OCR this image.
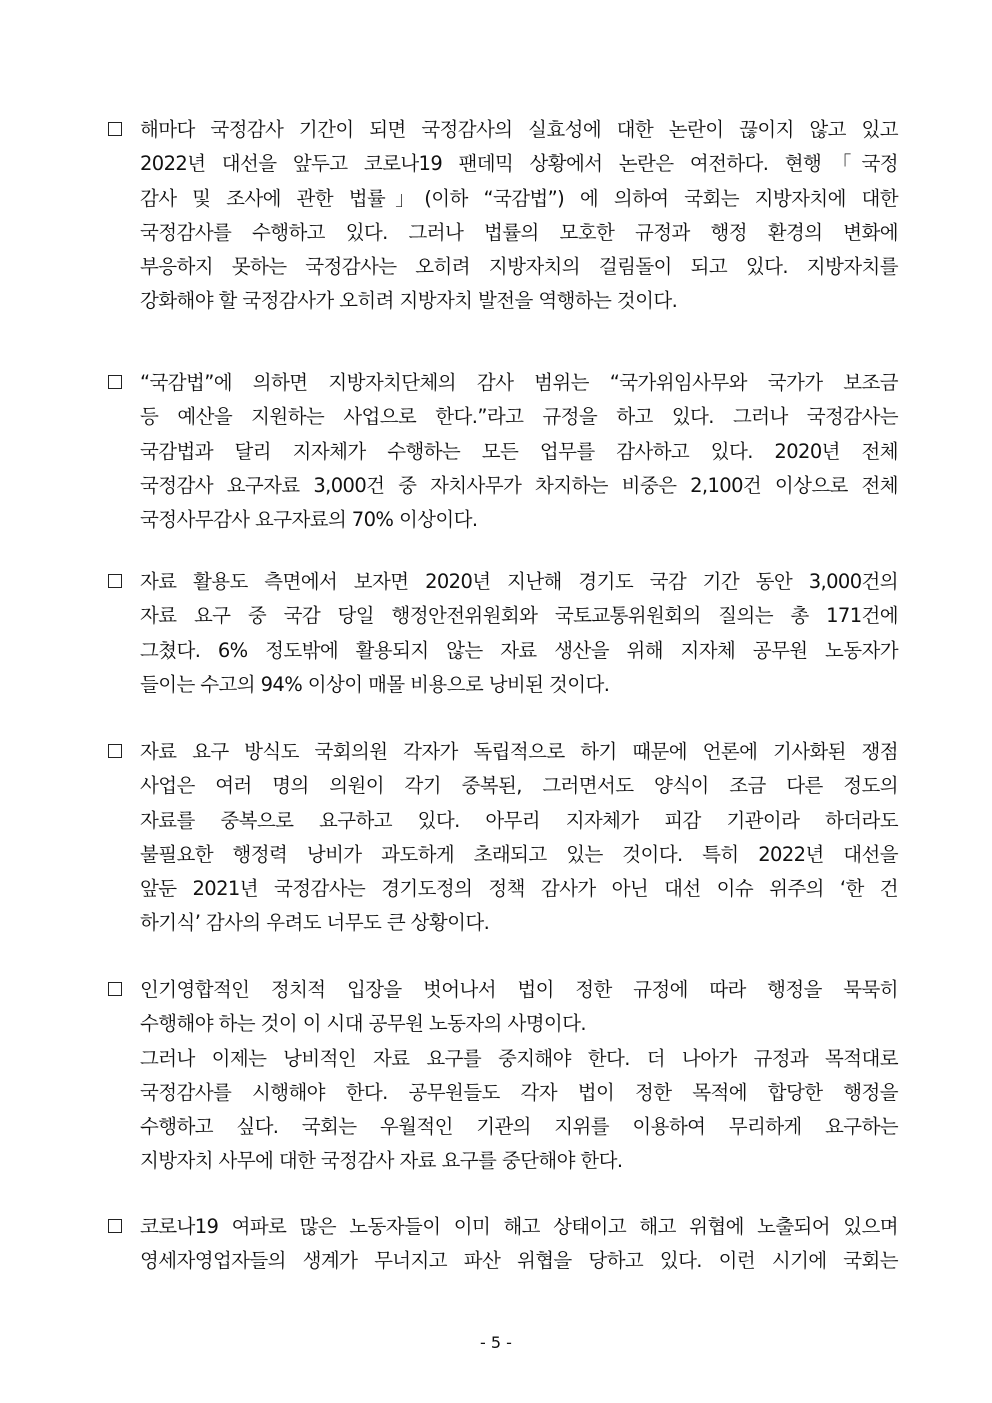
해마다 국정감사 기간이 되면 국정감사의 실효성에 대한 논란이 끊이지 않고 있고
2022년 대선을 앞두고 코로나19 팬데믹 상황에서 논란은 여전하다. 현행「국정
감사 및 조사에 관한 법률」(이하 “국감법”) 에 의하여 국회는 지방자치에 대한
국정감사를 수행하고 있다. 그러나 법률의 모호한 규정과 행정 환경의 변화에
부응하지 못하는 국정감사는 오히려 지방자치의 걸림돌이 되고 있다. 지방자치를
강화해야 할 국정감사가 오히려 지방자치 발전을 역행하는 것이다.
“국감법”에 의하면 지방자치단체의 감사 범위는 “국가위임사무와 국가가 보조금
등 예산을 지원하는 사업으로 한다.”라고 규정을 하고 있다. 그러나 국정감사는
국감법과 달리 지자체가 수행하는 모든 업무를 감사하고 있다. 2020년 전체
국정감사 요구자료 3,000건 중 자치사무가 차지하는 비중은 2,100건 이상으로 전체
국정사무감사 요구자료의 70% 이상이다.
자료 활용도 측면에서 보자면 2020년 지난해 경기도 국감 기간 동안 3,000건의
자료 요구 중 국감 당일 행정안전위원회와 국토교통위원회의 질의는 총 171건에
그쳤다. 6% 정도밖에 활용되지 않는 자료 생산을 위해 지자체 공무원 노동자가
들이는 수고의 94% 이상이 매몰 비용으로 낭비된 것이다.
자료 요구 방식도 국회의원 각자가 독립적으로 하기 때문에 언론에 기사화된 쟁점
사업은 여러 명의 의원이 각기 중복된, 그러면서도 양식이 조금 다른 정도의
자료를 중복으로 요구하고 있다. 아무리 지자체가 피감 기관이라 하더라도
불필요한 행정력 낭비가 과도하게 초래되고 있는 것이다. 특히 2022년 대선을
앞둔 2021년 국정감사는 경기도정의 정책 감사가 아닌 대선 이슈 위주의 ‘한 건
하기식’ 감사의 우려도 너무도 큰 상황이다.
인기영합적인 정치적 입장을 벗어나서 법이 정한 규정에 따라 행정을 묵묵히
수행해야 하는 것이 이 시대 공무원 노동자의 사명이다.
그러나 이제는 낭비적인 자료 요구를 중지해야 한다. 더 나아가 규정과 목적대로
국정감사를 시행해야 한다. 공무원들도 각자 법이 정한 목적에 합당한 행정을
수행하고 싶다. 국회는 우월적인 기관의 지위를 이용하여 무리하게 요구하는
지방자치 사무에 대한 국정감사 자료 요구를 중단해야 한다.
코로나19 여파로 많은 노동자들이 이미 해고 상태이고 해고 위협에 노출되어 있으며
영세자영업자들의 생계가 무너지고 파산 위협을 당하고 있다. 이런 시기에 국회는
- 5 -
